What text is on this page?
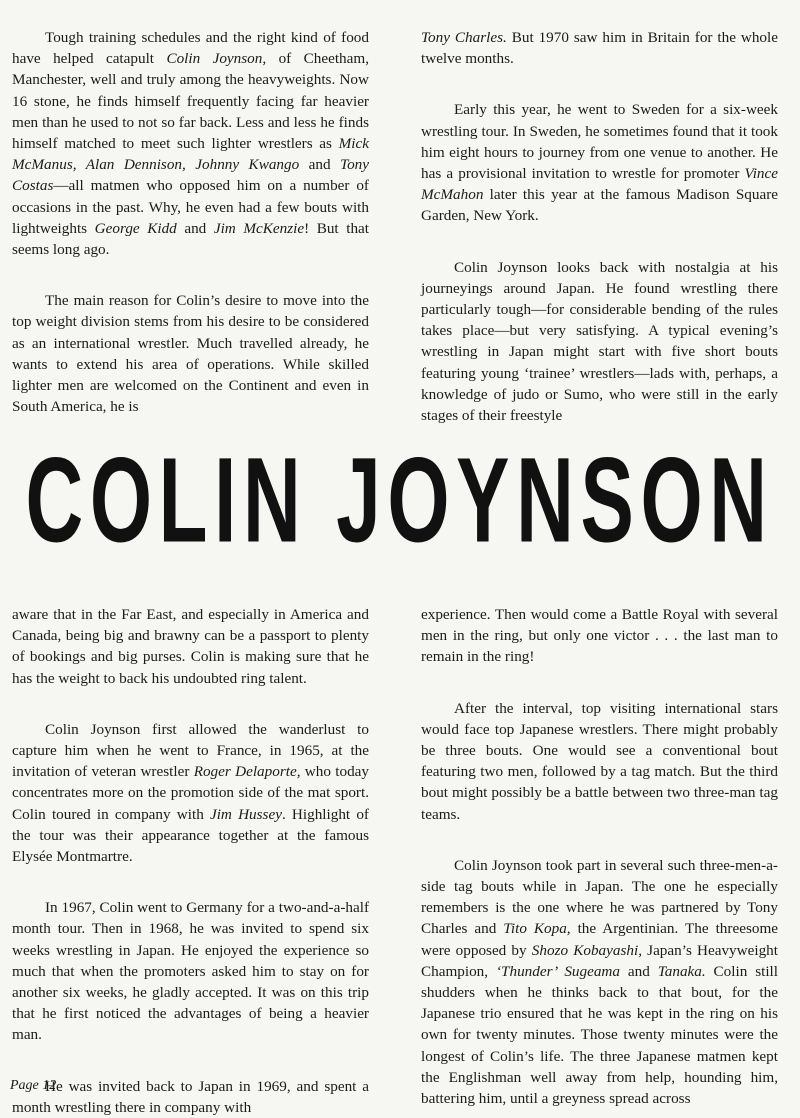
Tough training schedules and the right kind of food have helped catapult Colin Joynson, of Cheetham, Manchester, well and truly among the heavyweights. Now 16 stone, he finds himself frequently facing far heavier men than he used to not so far back. Less and less he finds himself matched to meet such lighter wrestlers as Mick McManus, Alan Dennison, Johnny Kwango and Tony Costas—all matmen who opposed him on a number of occasions in the past. Why, he even had a few bouts with lightweights George Kidd and Jim McKenzie! But that seems long ago.

The main reason for Colin’s desire to move into the top weight division stems from his desire to be considered as an international wrestler. Much travelled already, he wants to extend his area of operations. While skilled lighter men are welcomed on the Continent and even in South America, he is

Tony Charles. But 1970 saw him in Britain for the whole twelve months.

Early this year, he went to Sweden for a six-week wrestling tour. In Sweden, he sometimes found that it took him eight hours to journey from one venue to another. He has a provisional invitation to wrestle for promoter Vince McMahon later this year at the famous Madison Square Garden, New York.

Colin Joynson looks back with nostalgia at his journeyings around Japan. He found wrestling there particularly tough—for considerable bending of the rules takes place—but very satisfying. A typical evening’s wrestling in Japan might start with five short bouts featuring young ‘trainee’ wrestlers—lads with, perhaps, a knowledge of judo or Sumo, who were still in the early stages of their freestyle

COLIN JOYNSON

aware that in the Far East, and especially in America and Canada, being big and brawny can be a passport to plenty of bookings and big purses. Colin is making sure that he has the weight to back his undoubted ring talent.

Colin Joynson first allowed the wanderlust to capture him when he went to France, in 1965, at the invitation of veteran wrestler Roger Delaporte, who today concentrates more on the promotion side of the mat sport. Colin toured in company with Jim Hussey. Highlight of the tour was their appearance together at the famous Elysée Montmartre.

In 1967, Colin went to Germany for a two-and-a-half month tour. Then in 1968, he was invited to spend six weeks wrestling in Japan. He enjoyed the experience so much that when the promoters asked him to stay on for another six weeks, he gladly accepted. It was on this trip that he first noticed the advantages of being a heavier man.

He was invited back to Japan in 1969, and spent a month wrestling there in company with

experience. Then would come a Battle Royal with several men in the ring, but only one victor . . . the last man to remain in the ring!

After the interval, top visiting international stars would face top Japanese wrestlers. There might probably be three bouts. One would see a conventional bout featuring two men, followed by a tag match. But the third bout might possibly be a battle between two three-man tag teams.

Colin Joynson took part in several such three-men-a-side tag bouts while in Japan. The one he especially remembers is the one where he was partnered by Tony Charles and Tito Kopa, the Argentinian. The threesome were opposed by Shozo Kobayashi, Japan’s Heavyweight Champion, ‘Thunder’ Sugeama and Tanaka. Colin still shudders when he thinks back to that bout, for the Japanese trio ensured that he was kept in the ring on his own for twenty minutes. Those twenty minutes were the longest of Colin’s life. The three Japanese matmen kept the Englishman well away from help, hounding him, battering him, until a greyness spread across

Page 12
